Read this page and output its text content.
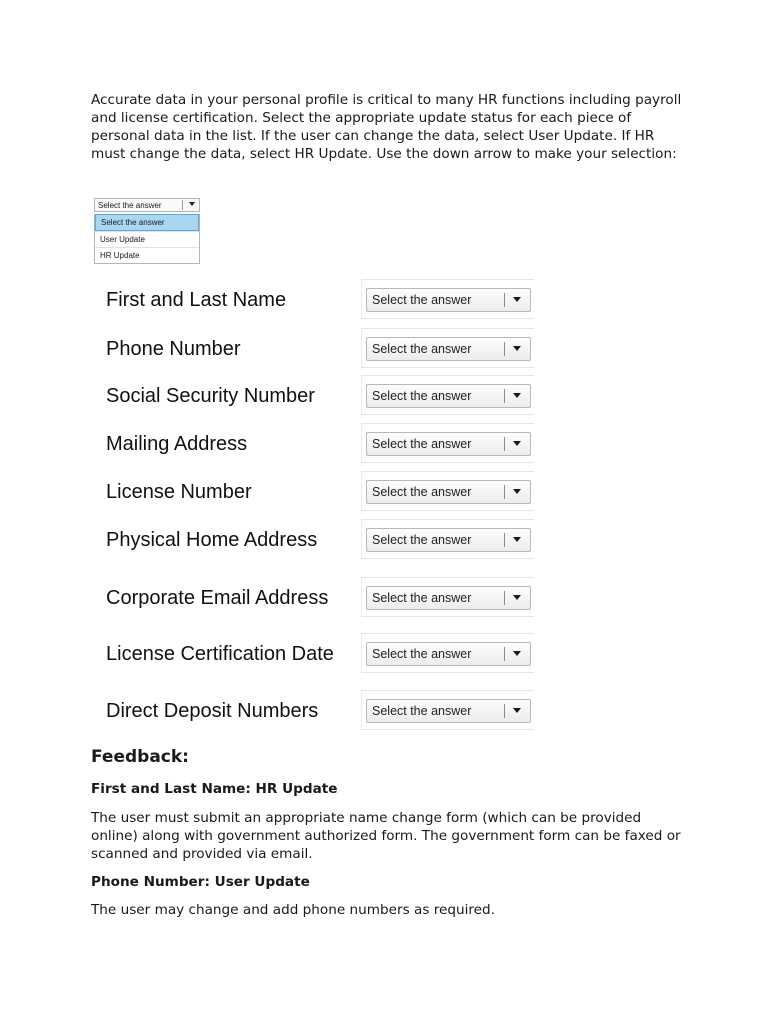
Accurate data in your personal profile is critical to many HR functions including payroll and license certification. Select the appropriate update status for each piece of personal data in the list. If the user can change the data, select User Update. If HR must change the data, select HR Update. Use the down arrow to make your selection:

Select the answer
Select the answer
User Update
HR Update
First and Last Name	Select the answer
Phone Number	Select the answer
Social Security Number	Select the answer
Mailing Address	Select the answer
License Number	Select the answer
Physical Home Address	Select the answer
Corporate Email Address	Select the answer
License Certification Date	Select the answer
Direct Deposit Numbers	Select the answer
Feedback:

First and Last Name: HR Update

The user must submit an appropriate name change form (which can be provided online) along with government authorized form. The government form can be faxed or scanned and provided via email.

Phone Number: User Update

The user may change and add phone numbers as required.
